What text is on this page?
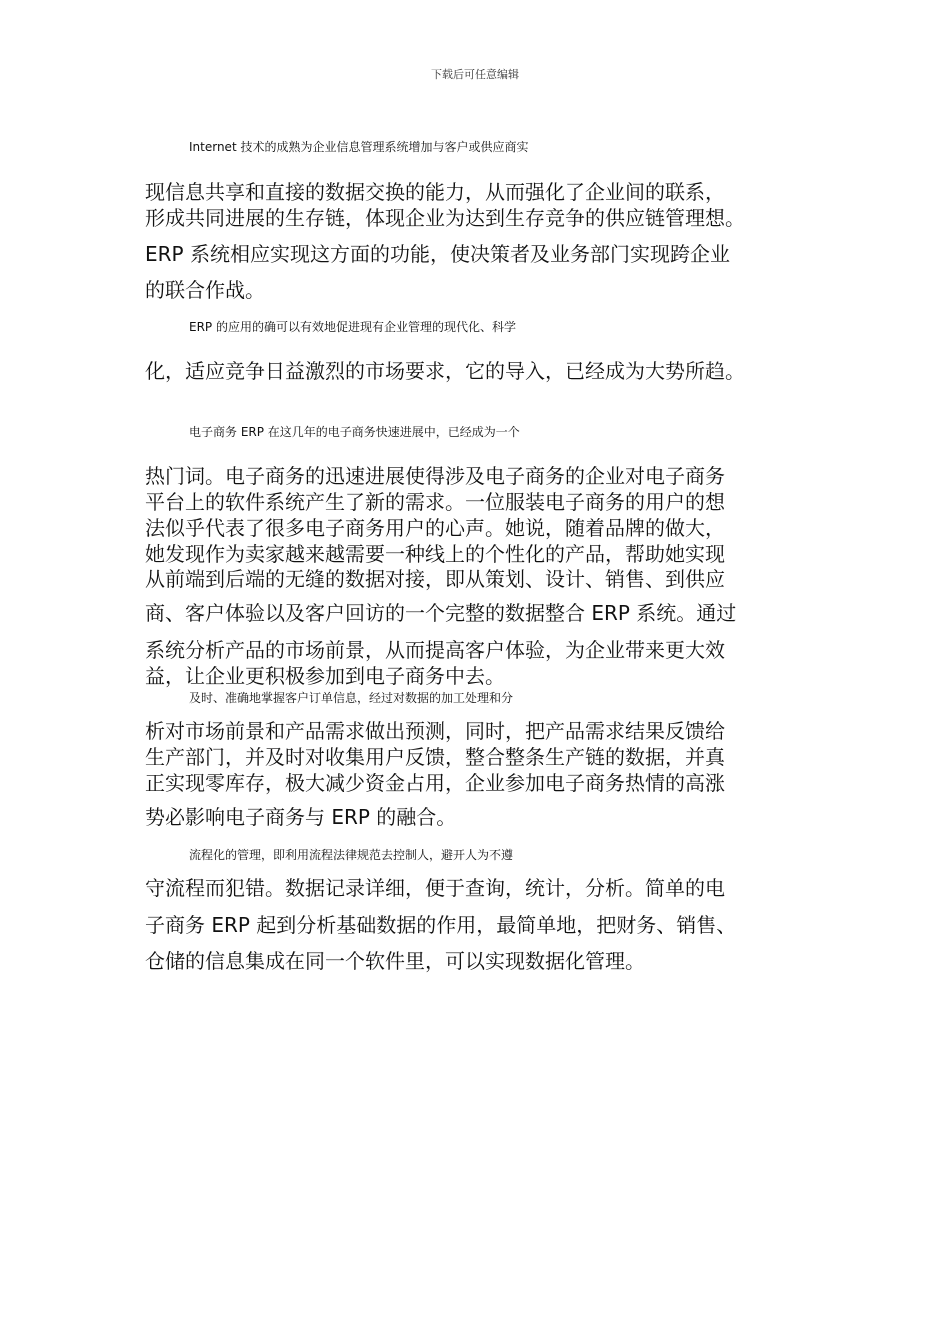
下载后可任意编辑
Internet 技术的成熟为企业信息管理系统增加与客户或供应商实
现信息共享和直接的数据交换的能力，从而强化了企业间的联系，
形成共同进展的生存链，体现企业为达到生存竞争的供应链管理想。
ERP 系统相应实现这方面的功能，使决策者及业务部门实现跨企业
的联合作战。
ERP 的应用的确可以有效地促进现有企业管理的现代化、科学
化，适应竞争日益激烈的市场要求，它的导入，已经成为大势所趋。
电子商务 ERP 在这几年的电子商务快速进展中，已经成为一个
热门词。电子商务的迅速进展使得涉及电子商务的企业对电子商务
平台上的软件系统产生了新的需求。一位服装电子商务的用户的想
法似乎代表了很多电子商务用户的心声。她说，随着品牌的做大，
她发现作为卖家越来越需要一种线上的个性化的产品，帮助她实现
从前端到后端的无缝的数据对接，即从策划、设计、销售、到供应
商、客户体验以及客户回访的一个完整的数据整合 ERP 系统。通过
系统分析产品的市场前景，从而提高客户体验，为企业带来更大效
益，让企业更积极参加到电子商务中去。
及时、准确地掌握客户订单信息，经过对数据的加工处理和分
析对市场前景和产品需求做出预测，同时，把产品需求结果反馈给
生产部门，并及时对收集用户反馈，整合整条生产链的数据，并真
正实现零库存，极大减少资金占用，企业参加电子商务热情的高涨
势必影响电子商务与 ERP 的融合。
流程化的管理，即利用流程法律规范去控制人，避开人为不遵
守流程而犯错。数据记录详细，便于查询，统计，分析。简单的电
子商务 ERP 起到分析基础数据的作用，最简单地，把财务、销售、
仓储的信息集成在同一个软件里，可以实现数据化管理。
